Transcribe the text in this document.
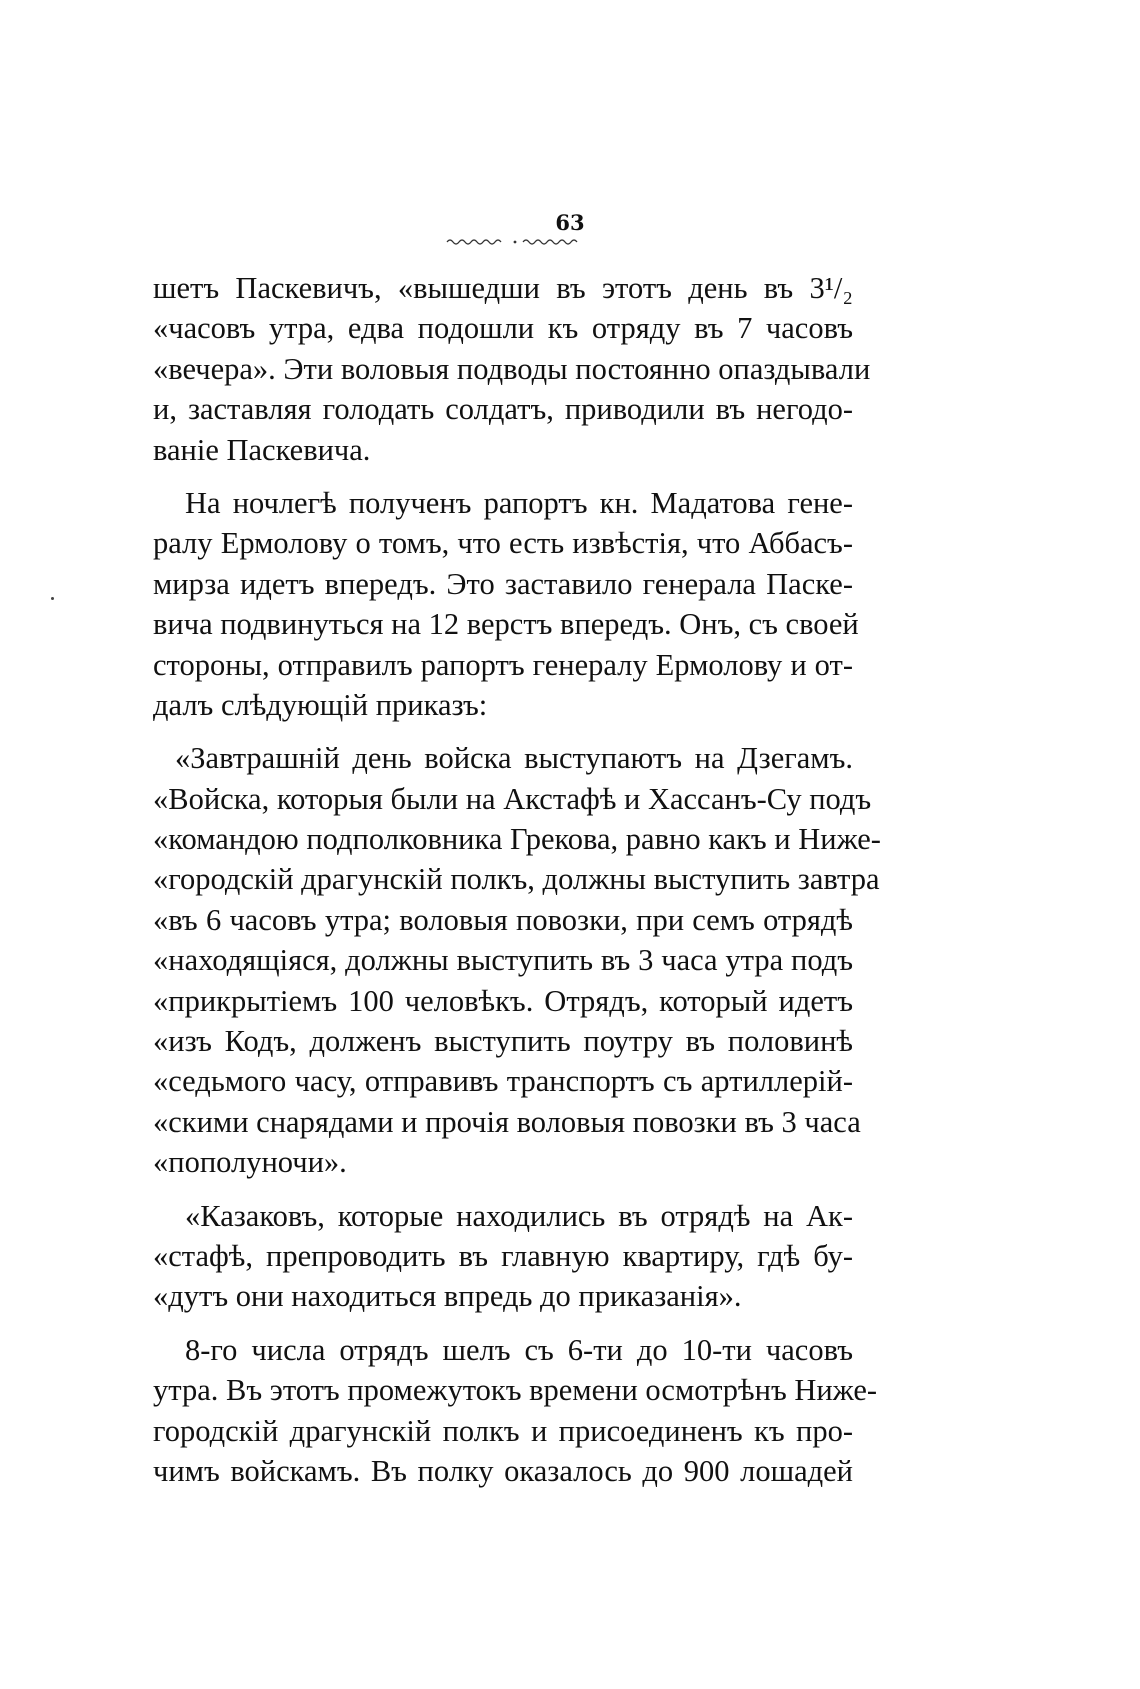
63
шетъ Паскевичъ, «вышедши въ этотъ день въ 3¹/₂
«часовъ утра, едва подошли къ отряду въ 7 часовъ
«вечера». Эти воловыя подводы постоянно опаздывали
и, заставляя голодать солдатъ, приводили въ негодо-
ваніе Паскевича.
На ночлегѣ полученъ рапортъ кн. Мадатова гене-
ралу Ермолову о томъ, что есть извѣстія, что Аббасъ-
мирза идетъ впередъ. Это заставило генерала Паске-
вича подвинуться на 12 верстъ впередъ. Онъ, съ своей
стороны, отправилъ рапортъ генералу Ермолову и от-
далъ слѣдующій приказъ:
«Завтрашній день войска выступаютъ на Дзегамъ.
«Войска, которыя были на Акстафѣ и Хассанъ-Су подъ
«командою подполковника Грекова, равно какъ и Ниже-
«городскій драгунскій полкъ, должны выступить завтра
«въ 6 часовъ утра; воловыя повозки, при семъ отрядѣ
«находящіяся, должны выступить въ 3 часа утра подъ
«прикрытіемъ 100 человѣкъ. Отрядъ, который идетъ
«изъ Кодъ, долженъ выступить поутру въ половинѣ
«седьмого часу, отправивъ транспортъ съ артиллерій-
«скими снарядами и прочія воловыя повозки въ 3 часа
«пополуночи».
«Казаковъ, которые находились въ отрядѣ на Ак-
«стафѣ, препроводить въ главную квартиру, гдѣ бу-
«дутъ они находиться впредь до приказанія».
8-го числа отрядъ шелъ съ 6-ти до 10-ти часовъ
утра. Въ этотъ промежутокъ времени осмотрѣнъ Ниже-
городскій драгунскій полкъ и присоединенъ къ про-
чимъ войскамъ. Въ полку оказалось до 900 лошадей
